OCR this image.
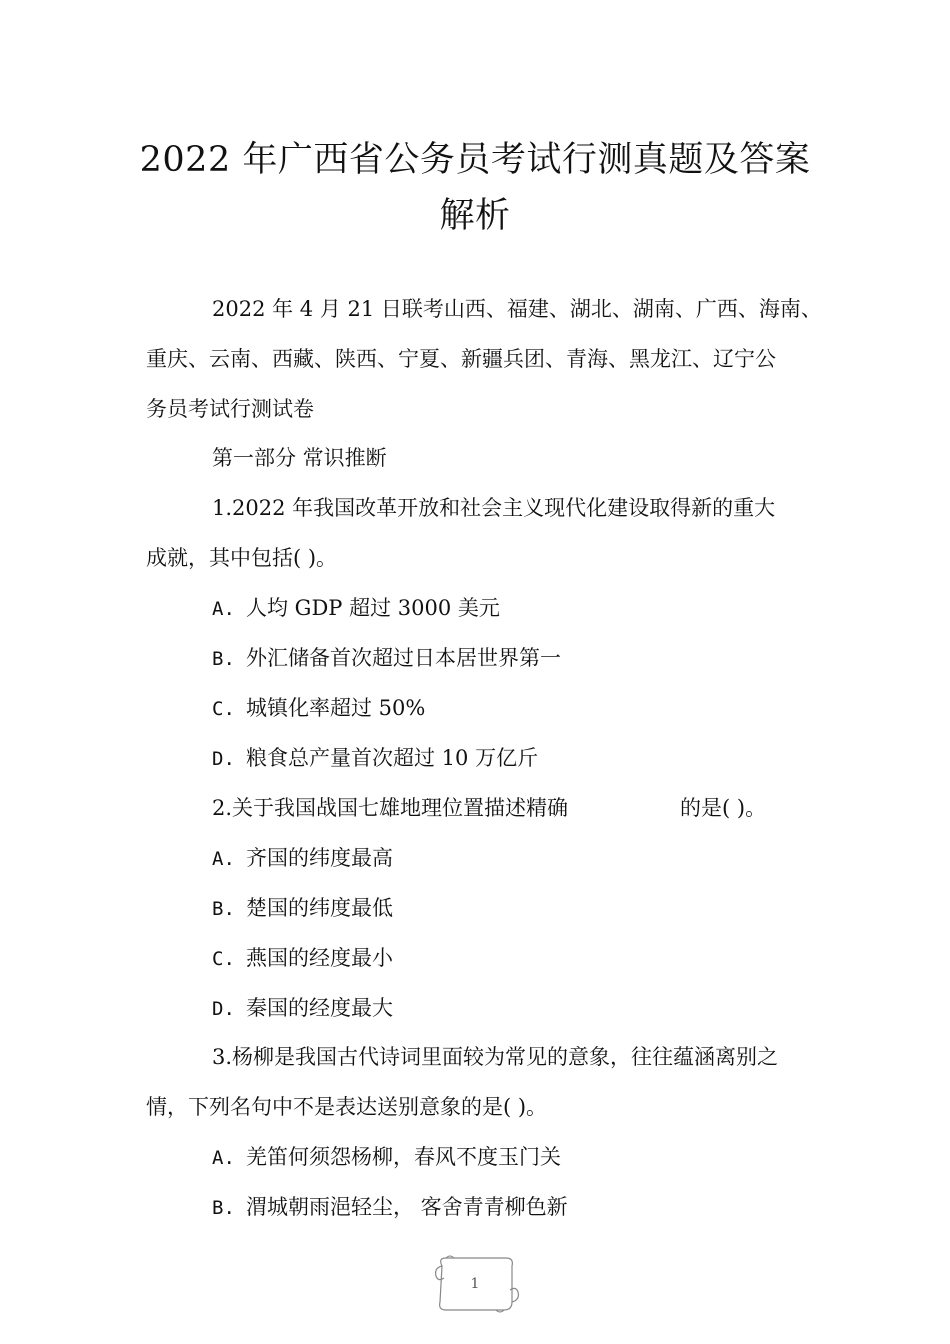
2022 年广西省公务员考试行测真题及答案
解析
2022 年 4 月 21 日联考山西、福建、湖北、湖南、广西、海南、
重庆、云南、西藏、陕西、宁夏、新疆兵团、青海、黑龙江、辽宁公
务员考试行测试卷
第一部分 常识推断
1.2022 年我国改革开放和社会主义现代化建设取得新的重大
成就，其中包括( )。
A. 人均 GDP 超过 3000 美元
B. 外汇储备首次超过日本居世界第一
C. 城镇化率超过 50%
D. 粮食总产量首次超过 10 万亿斤
2.关于我国战国七雄地理位置描述精确	的是( )。
A. 齐国的纬度最高
B. 楚国的纬度最低
C. 燕国的经度最小
D. 秦国的经度最大
3.杨柳是我国古代诗词里面较为常见的意象，往往蕴涵离别之
情，下列名句中不是表达送别意象的是( )。
A. 羌笛何须怨杨柳，春风不度玉门关
B. 渭城朝雨浥轻尘， 客舍青青柳色新
1
